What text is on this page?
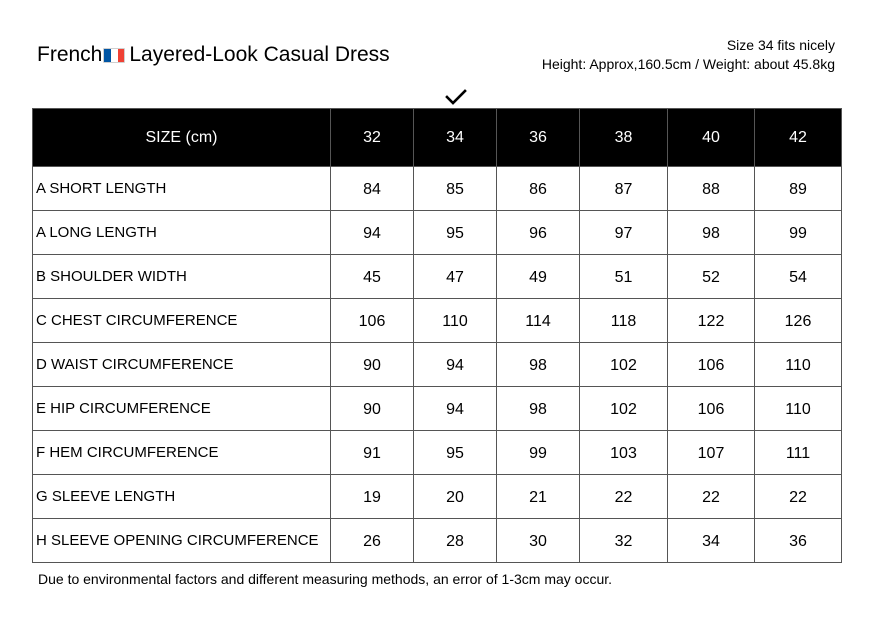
French Layered-Look Casual Dress	Size 34 fits nicely
Height: Approx,160.5cm / Weight: about 45.8kg
SIZE (cm)	32	34	36	38	40	42
A SHORT LENGTH	84	85	86	87	88	89
A LONG LENGTH	94	95	96	97	98	99
B SHOULDER WIDTH	45	47	49	51	52	54
C CHEST CIRCUMFERENCE	106	110	114	118	122	126
D WAIST CIRCUMFERENCE	90	94	98	102	106	110
E HIP CIRCUMFERENCE	90	94	98	102	106	110
F HEM CIRCUMFERENCE	91	95	99	103	107	111
G SLEEVE LENGTH	19	20	21	22	22	22
H SLEEVE OPENING CIRCUMFERENCE	26	28	30	32	34	36
Due to environmental factors and different measuring methods, an error of 1-3cm may occur.
